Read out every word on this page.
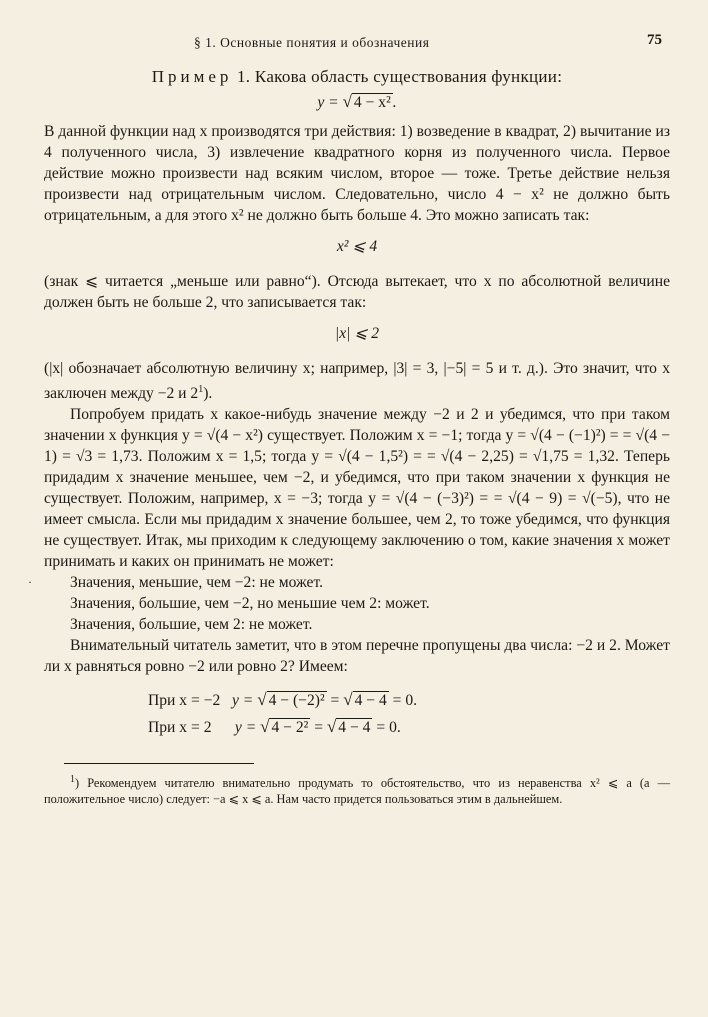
§ 1. Основные понятия и обозначения	75
Пример 1. Какова область существования функции:
y = √ 4 − x² .

В данной функции над x производятся три действия: 1) возведение в квадрат, 2) вычитание из 4 полученного числа, 3) извлечение квадратного корня из полученного числа. Первое действие можно произвести над всяким числом, второе — тоже. Третье действие нельзя произвести над отрицательным числом. Следовательно, число 4 − x² не должно быть отрицательным, а для этого x² не должно быть больше 4. Это можно записать так:

x² ⩽ 4

(знак ⩽ читается „меньше или равно“). Отсюда вытекает, что x по абсолютной величине должен быть не больше 2, что записывается так:

|x| ⩽ 2

(|x| обозначает абсолютную величину x; например, |3| = 3, |−5| = 5 и т. д.). Это значит, что x заключен между −2 и $2^1$).

Попробуем придать x какое-нибудь значение между −2 и 2 и убедимся, что при таком значении x функция y = √(4 − x²) существует. Положим x = −1; тогда y = √(4 − (−1)²) = = √(4 − 1) = √3 = 1,73. Положим x = 1,5; тогда y = √(4 − 1,5²) = = √(4 − 2,25) = √1,75 = 1,32. Теперь придадим x значение меньшее, чем −2, и убедимся, что при таком значении x функция не существует. Положим, например, x = −3; тогда y = √(4 − (−3)²) = = √(4 − 9) = √(−5), что не имеет смысла. Если мы придадим x значение большее, чем 2, то тоже убедимся, что функция не существует. Итак, мы приходим к следующему заключению о том, какие значения x может принимать и каких он принимать не может:

Значения, меньшие, чем −2: не может.

Значения, большие, чем −2, но меньшие чем 2: может.

Значения, большие, чем 2: не может.

Внимательный читатель заметит, что в этом перечне пропущены два числа: −2 и 2. Может ли x равняться ровно −2 или ровно 2? Имеем:

При x = −2 y = √ 4 − (−2)² = √ 4 − 4 = 0.
При x = 2 y = √ 4 − 2² = √ 4 − 4 = 0.

$^1$) Рекомендуем читателю внимательно продумать то обстоятельство, что из неравенства x² ⩽ a (a — положительное число) следует: −a ⩽ x ⩽ a. Нам часто придется пользоваться этим в дальнейшем.

·
